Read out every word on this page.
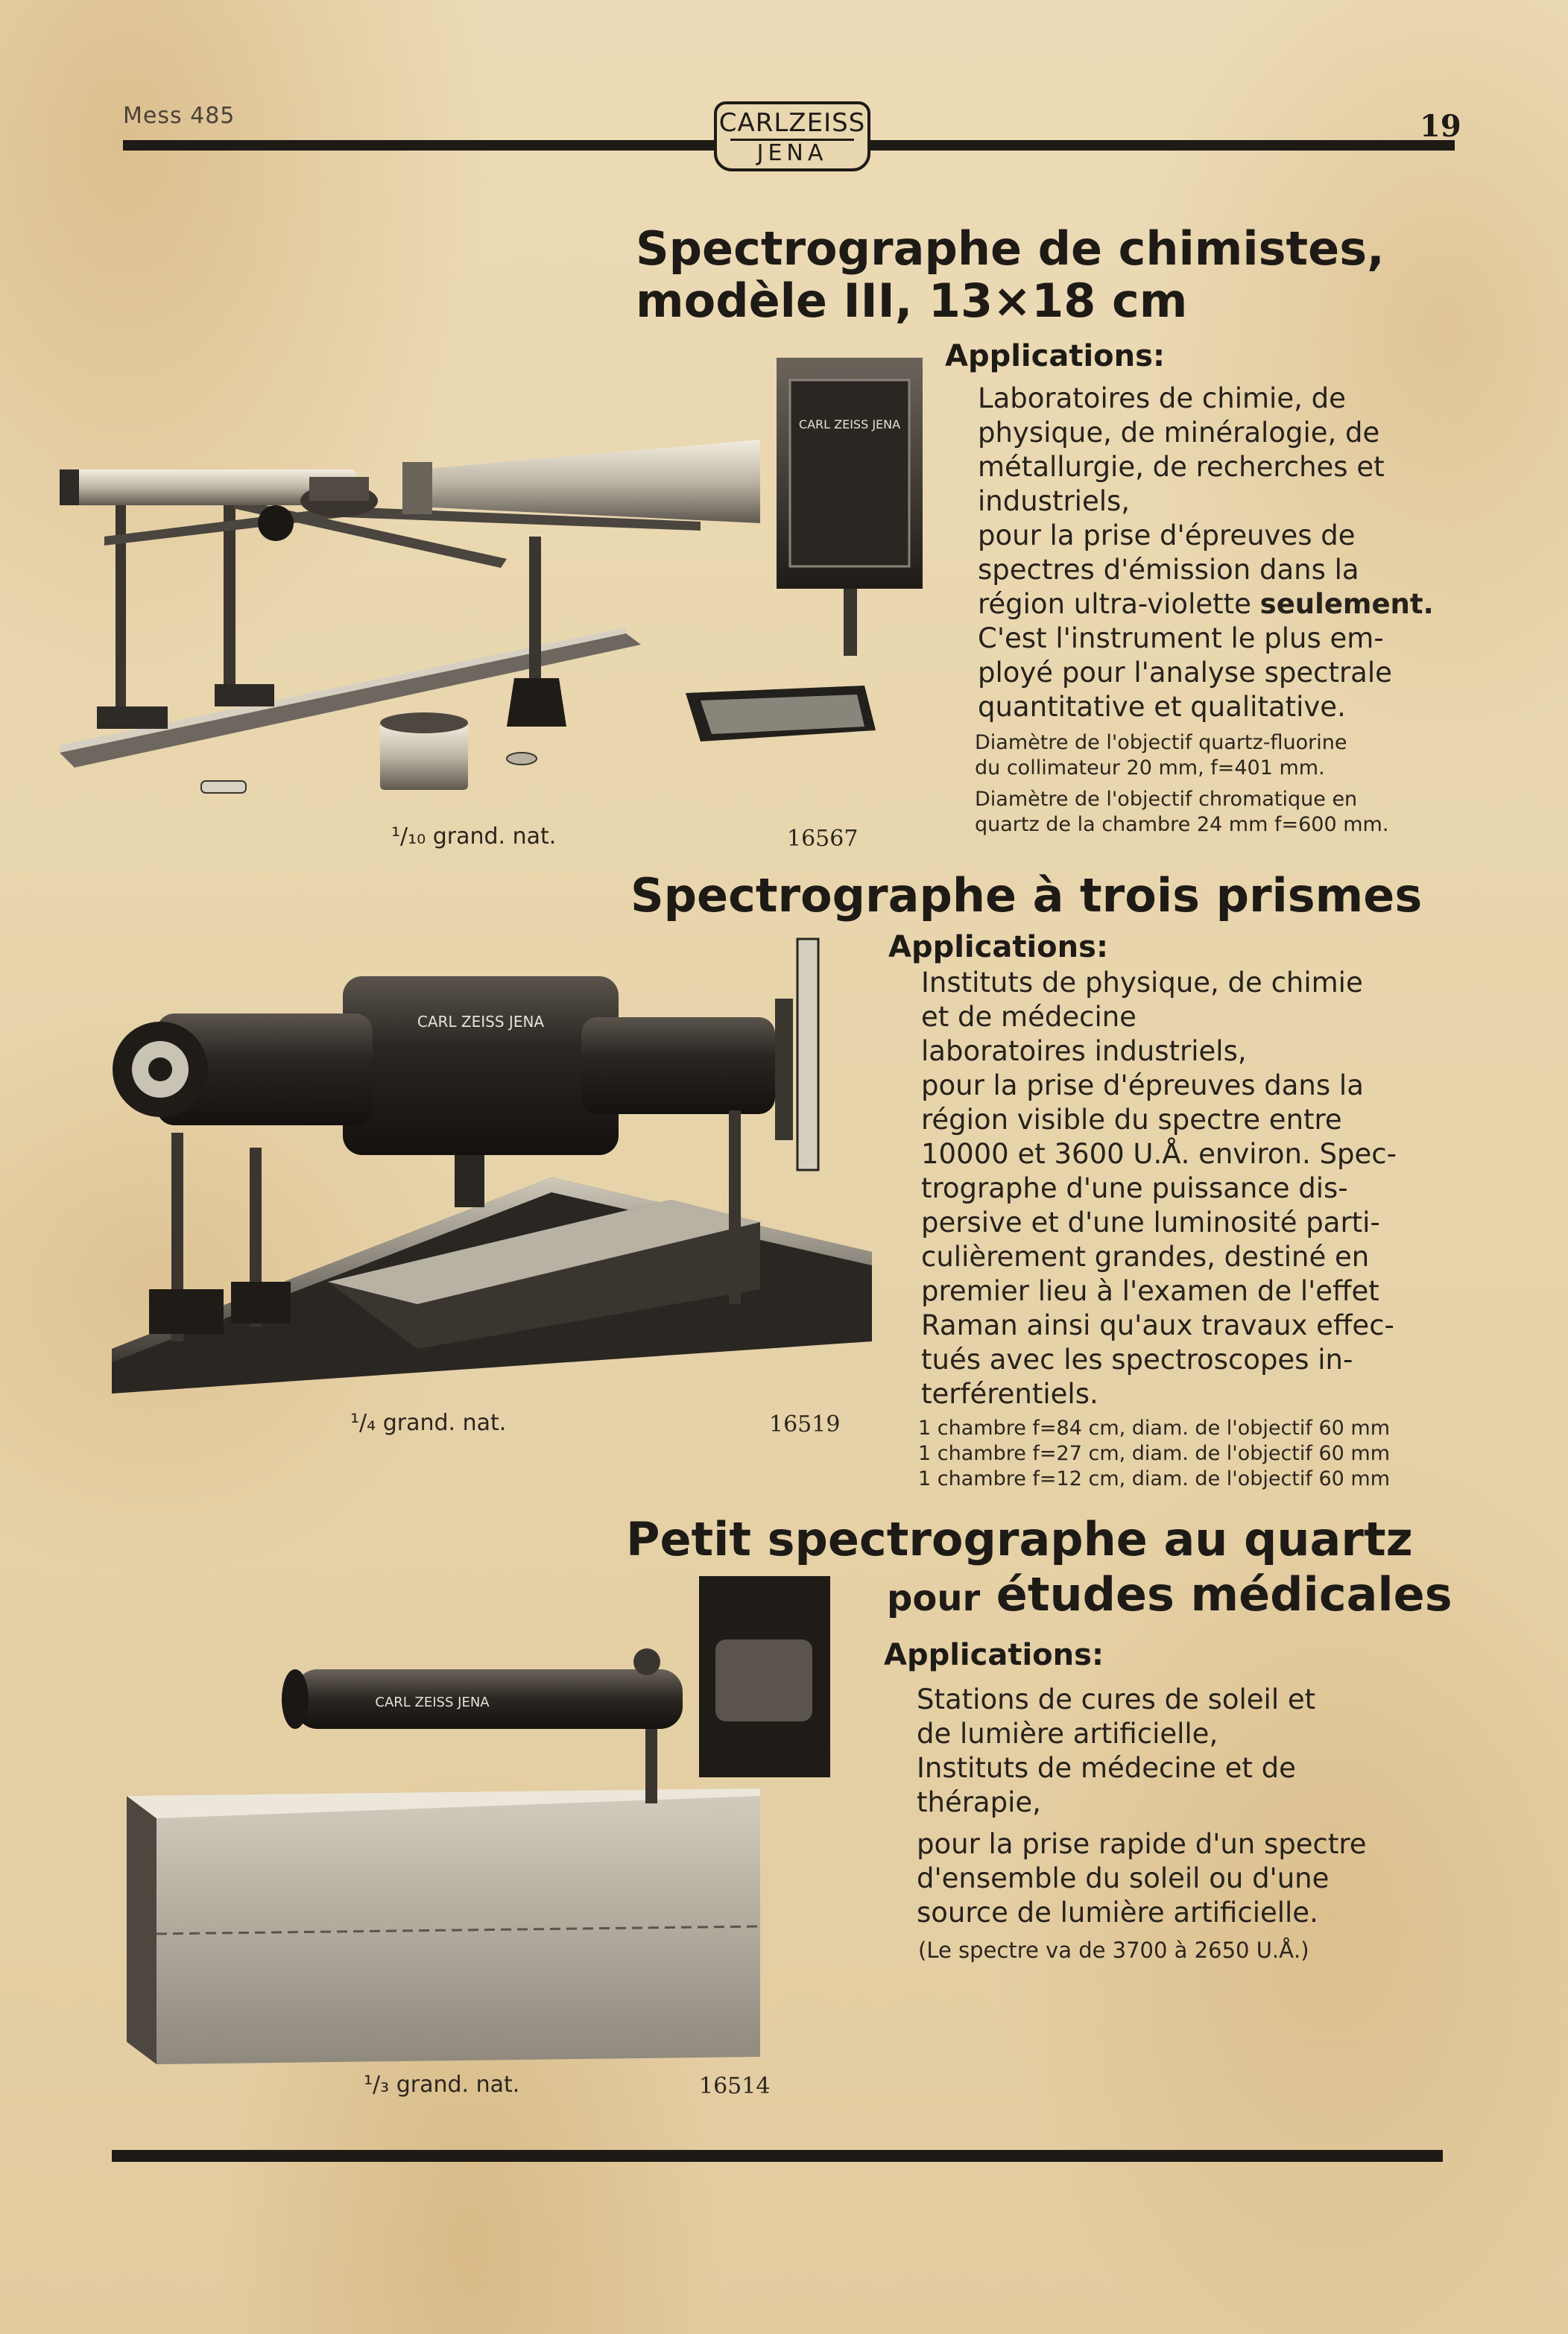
Mess 485	CARLZEISS
JENA
19
Spectrographe de chimistes,
modèle III, 13×18 cm
Applications:
Laboratoires de chimie, de
physique, de minéralogie, de
métallurgie, de recherches et
industriels,
pour la prise d'épreuves de
spectres d'émission dans la
région ultra-violette seulement.
C'est l'instrument le plus em-
ployé pour l'analyse spectrale
quantitative et qualitative.
Diamètre de l'objectif quartz-fluorine
du collimateur 20 mm, f=401 mm.
Diamètre de l'objectif chromatique en
quartz de la chambre 24 mm f=600 mm.
CARL ZEISS JENA
¹/₁₀ grand. nat.	16567
Spectrographe à trois prismes
Applications:
Instituts de physique, de chimie
et de médecine
laboratoires industriels,
pour la prise d'épreuves dans la
région visible du spectre entre
10000 et 3600 U.Å. environ. Spec-
trographe d'une puissance dis-
persive et d'une luminosité parti-
culièrement grandes, destiné en
premier lieu à l'examen de l'effet
Raman ainsi qu'aux travaux effec-
tués avec les spectroscopes in-
terférentiels.
1 chambre f=84 cm, diam. de l'objectif 60 mm
1 chambre f=27 cm, diam. de l'objectif 60 mm
1 chambre f=12 cm, diam. de l'objectif 60 mm
CARL ZEISS JENA
¹/₄ grand. nat.	16519
Petit spectrographe au quartz
pour études médicales
Applications:
Stations de cures de soleil et
de lumière artificielle,
Instituts de médecine et de
thérapie,
pour la prise rapide d'un spectre
d'ensemble du soleil ou d'une
source de lumière artificielle.
(Le spectre va de 3700 à 2650 U.Å.)
CARL ZEISS JENA
¹/₃ grand. nat.	16514
